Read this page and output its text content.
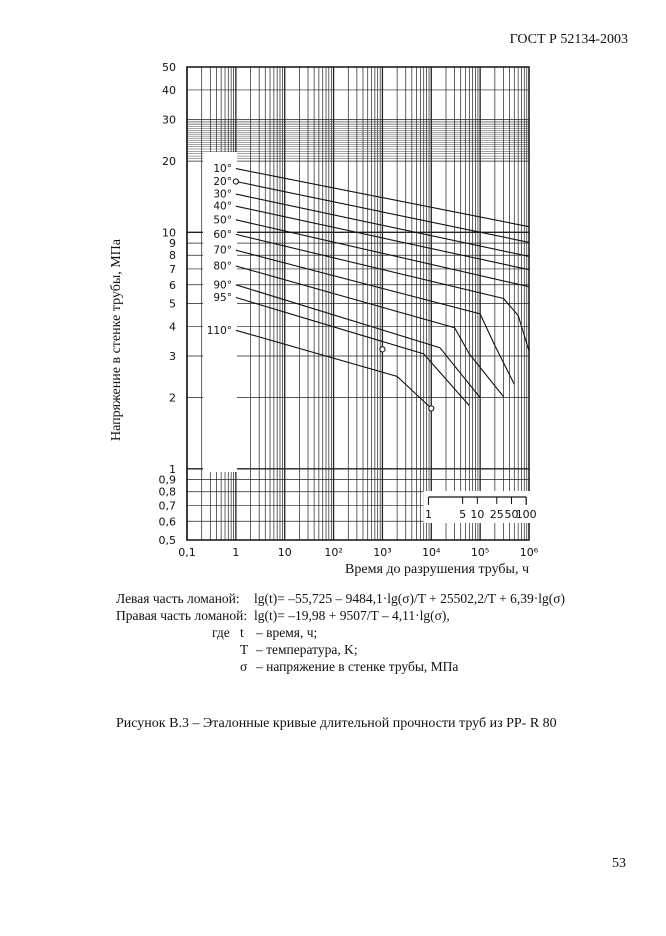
ГОСТ Р 52134-2003
Напряжение в стенке трубы, МПа
10°
20°
30°
40°
50°
60°
70°
80°
90°
95°
110°
50
40
30
20
10
9
8
7
6
5
4
3
2
1
0,9
0,8
0,7
0,6
0,5
0,1	1	10	10²	10³	10⁴	10⁵	10⁶
Время до разрушения трубы, ч
1 5 10 25 50
100
Левая часть ломаной: lg(t)= –55,725 – 9484,1·lg(σ)/T + 25502,2/T + 6,39·lg(σ)
Правая часть ломаной: lg(t)= –19,98 + 9507/T – 4,11·lg(σ),
где t – время, ч;
T – температура, K;
σ – напряжение в стенке трубы, МПа
Рисунок В.3 – Эталонные кривые длительной прочности труб из РР- R 80
53
